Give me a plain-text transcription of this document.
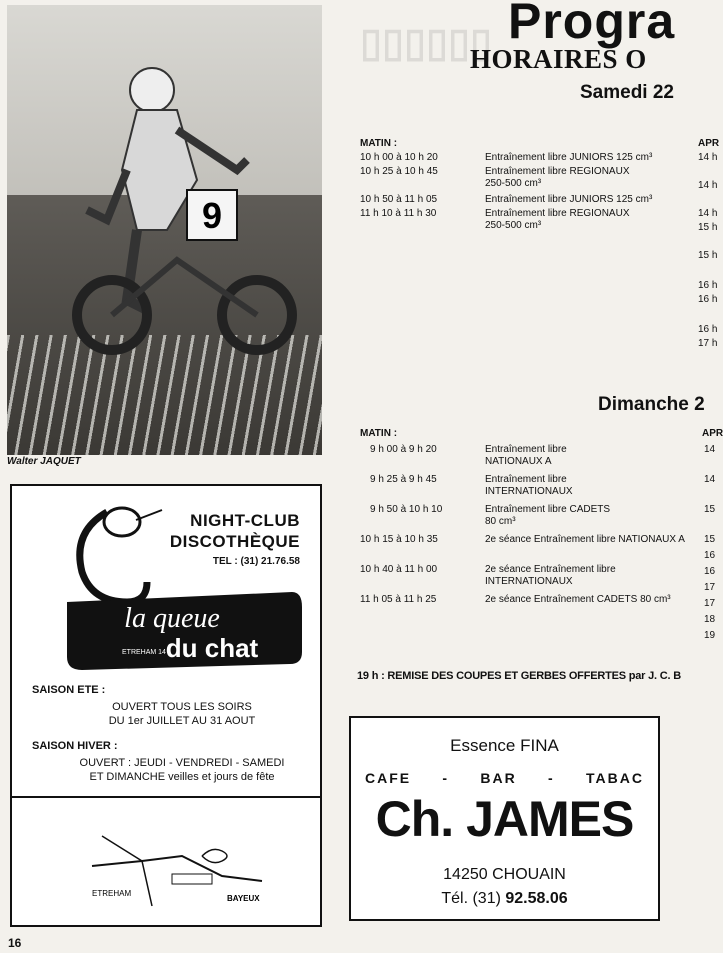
▯▯▯▯▯▯
9
Walter JAQUET
NIGHT-CLUB
DISCOTHÈQUE
TEL : (31) 21.76.58
la queue
du chat
ETREHAM 14
SAISON ETE :
OUVERT TOUS LES SOIRS
DU 1er JUILLET AU 31 AOUT
SAISON HIVER :
OUVERT : JEUDI - VENDREDI - SAMEDI
ET DIMANCHE veilles et jours de fête
ETREHAM
BAYEUX
16
Progra
HORAIRES O
Samedi 22
MATIN :
10 h 00 à 10 h 20	Entraînement libre JUNIORS 125 cm³
10 h 25 à 10 h 45	Entraînement libre REGIONAUX 250-500 cm³
10 h 50 à 11 h 05	Entraînement libre JUNIORS 125 cm³
11 h 10 à 11 h 30	Entraînement libre REGIONAUX 250-500 cm³
APR
14 h
14 h
14 h
15 h
15 h
16 h
16 h
16 h
17 h
Dimanche 2
MATIN :
9 h 00 à 9 h 20	Entraînement libre NATIONAUX A
9 h 25 à 9 h 45	Entraînement libre INTERNATIONAUX
9 h 50 à 10 h 10	Entraînement libre CADETS 80 cm³
10 h 15 à 10 h 35	2e séance Entraînement libre NATIONAUX A
10 h 40 à 11 h 00	2e séance Entraînement libre INTERNATIONAUX
11 h 05 à 11 h 25	2e séance Entraînement CADETS 80 cm³
APR
14
14
15
15
16
16
17
17
18
19
19 h : REMISE DES COUPES ET GERBES OFFERTES par J. C. B
Essence FINA
CAFE - BAR - TABAC
Ch. JAMES
14250 CHOUAIN
Tél. (31) 92.58.06
